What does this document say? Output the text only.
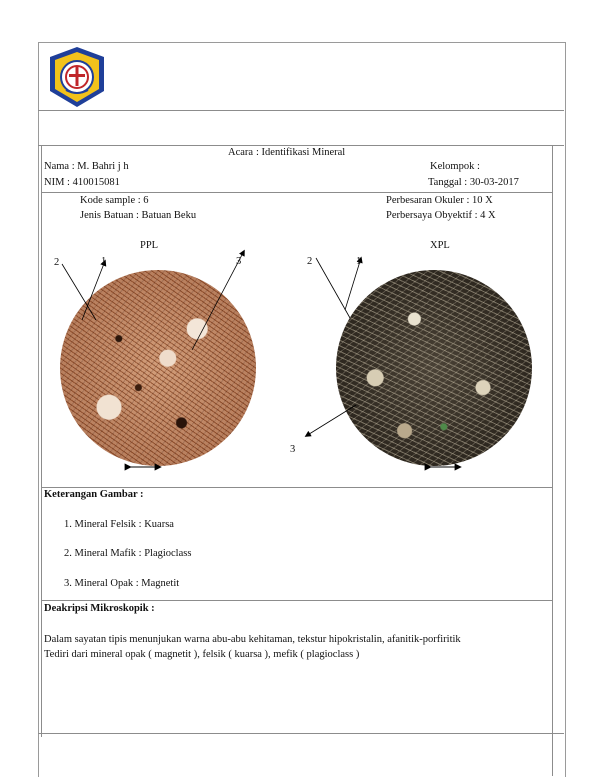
Acara : Identifikasi Mineral
Nama : M. Bahri j h
NIM : 410015081
Kelompok :
Tanggal : 30-03-2017
Kode sample : 6
Jenis Batuan : Batuan Beku
Perbesaran Okuler : 10 X
Perbersaya Obyektif : 4 X
PPL	XPL
2	1	3	2	1
3
Keterangan Gambar :
1. Mineral Felsik : Kuarsa
2. Mineral Mafik : Plagioclass
3. Mineral Opak : Magnetit
Deakripsi Mikroskopik :
Dalam sayatan tipis menunjukan warna abu-abu kehitaman, tekstur hipokristalin, afanitik-porfiritik
Tediri dari mineral opak ( magnetit ), felsik ( kuarsa ), mefik ( plagioclass )
